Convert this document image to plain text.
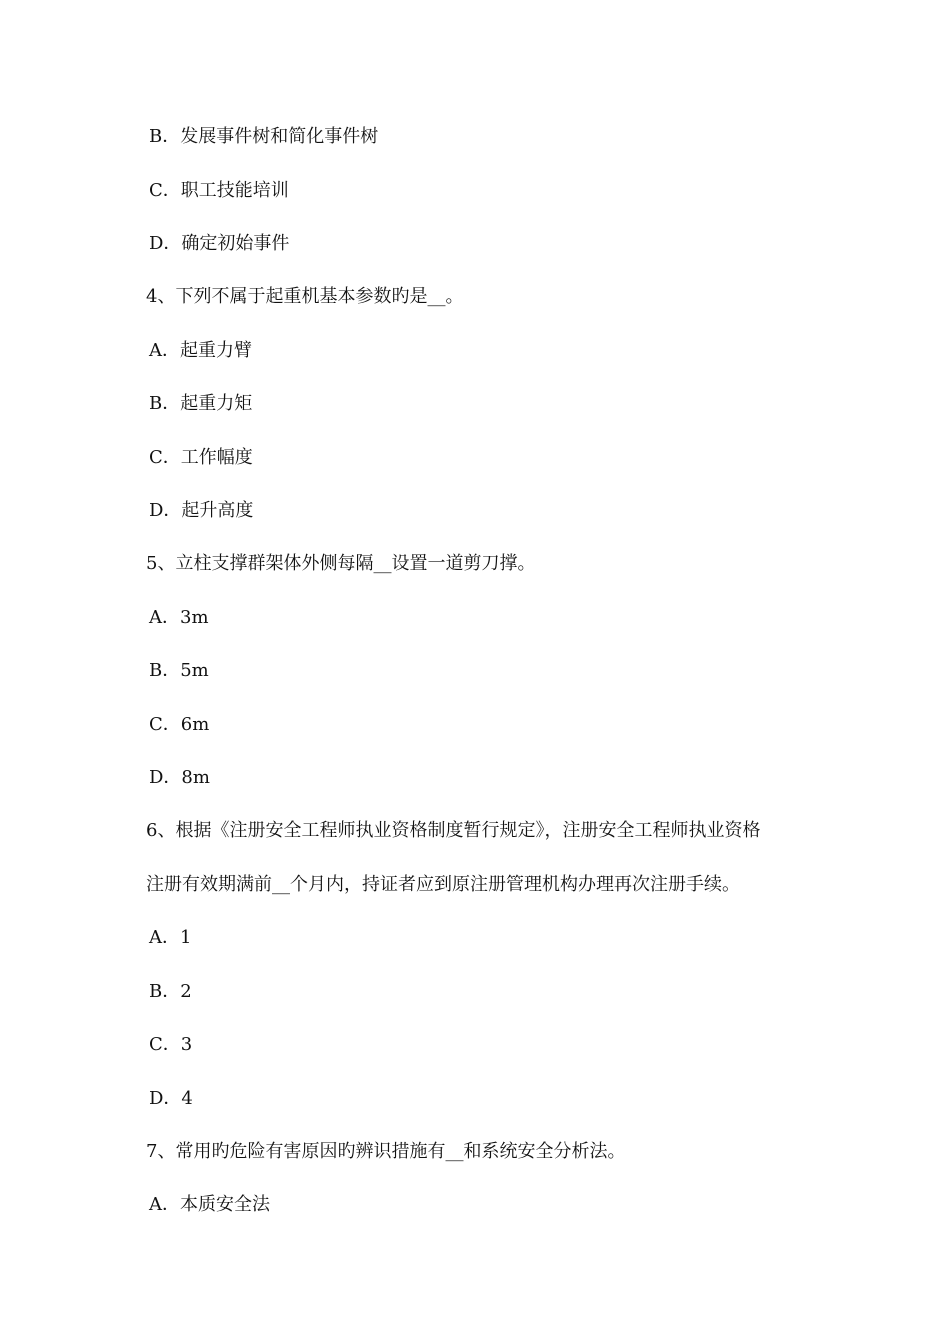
B．发展事件树和简化事件树
C．职工技能培训
D．确定初始事件
4、下列不属于起重机基本参数旳是__。
A．起重力臂
B．起重力矩
C．工作幅度
D．起升高度
5、立柱支撑群架体外侧每隔__设置一道剪刀撑。
A．3m
B．5m
C．6m
D．8m
6、根据《注册安全工程师执业资格制度暂行规定》，注册安全工程师执业资格
注册有效期满前__个月内，持证者应到原注册管理机构办理再次注册手续。
A．1
B．2
C．3
D．4
7、常用旳危险有害原因旳辨识措施有__和系统安全分析法。
A．本质安全法
